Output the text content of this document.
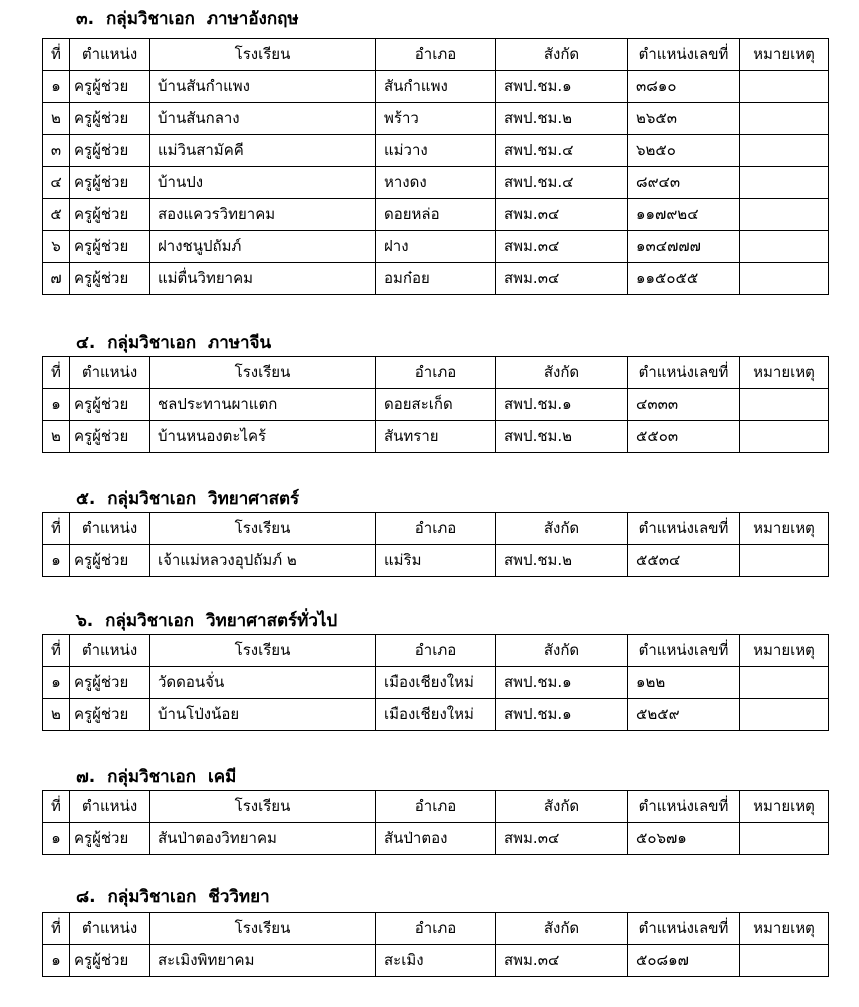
๓. กลุ่มวิชาเอก ภาษาอังกฤษ
ที่	ตำแหน่ง	โรงเรียน	อำเภอ	สังกัด	ตำแหน่งเลขที่	หมายเหตุ
๑	ครูผู้ช่วย	บ้านสันกำแพง	สันกำแพง	สพป.ชม.๑	๓๘๑๐	
๒	ครูผู้ช่วย	บ้านสันกลาง	พร้าว	สพป.ชม.๒	๒๖๕๓	
๓	ครูผู้ช่วย	แม่วินสามัคคี	แม่วาง	สพป.ชม.๔	๖๒๕๐	
๔	ครูผู้ช่วย	บ้านปง	หางดง	สพป.ชม.๔	๘๙๔๓	
๕	ครูผู้ช่วย	สองแควรวิทยาคม	ดอยหล่อ	สพม.๓๔	๑๑๗๙๒๔	
๖	ครูผู้ช่วย	ฝางชนูปถัมภ์	ฝาง	สพม.๓๔	๑๓๔๗๗๗	
๗	ครูผู้ช่วย	แม่ตื่นวิทยาคม	อมก๋อย	สพม.๓๔	๑๑๕๐๕๕	
๔. กลุ่มวิชาเอก ภาษาจีน
ที่	ตำแหน่ง	โรงเรียน	อำเภอ	สังกัด	ตำแหน่งเลขที่	หมายเหตุ
๑	ครูผู้ช่วย	ชลประทานผาแตก	ดอยสะเก็ด	สพป.ชม.๑	๔๓๓๓	
๒	ครูผู้ช่วย	บ้านหนองตะไคร้	สันทราย	สพป.ชม.๒	๕๕๐๓	
๕. กลุ่มวิชาเอก วิทยาศาสตร์
ที่	ตำแหน่ง	โรงเรียน	อำเภอ	สังกัด	ตำแหน่งเลขที่	หมายเหตุ
๑	ครูผู้ช่วย	เจ้าแม่หลวงอุปถัมภ์ ๒	แม่ริม	สพป.ชม.๒	๕๕๓๔	
๖. กลุ่มวิชาเอก วิทยาศาสตร์ทั่วไป
ที่	ตำแหน่ง	โรงเรียน	อำเภอ	สังกัด	ตำแหน่งเลขที่	หมายเหตุ
๑	ครูผู้ช่วย	วัดดอนจั่น	เมืองเชียงใหม่	สพป.ชม.๑	๑๒๒	
๒	ครูผู้ช่วย	บ้านโป่งน้อย	เมืองเชียงใหม่	สพป.ชม.๑	๕๒๕๙	
๗. กลุ่มวิชาเอก เคมี
ที่	ตำแหน่ง	โรงเรียน	อำเภอ	สังกัด	ตำแหน่งเลขที่	หมายเหตุ
๑	ครูผู้ช่วย	สันป่าตองวิทยาคม	สันป่าตอง	สพม.๓๔	๕๐๖๗๑	
๘. กลุ่มวิชาเอก ชีววิทยา
ที่	ตำแหน่ง	โรงเรียน	อำเภอ	สังกัด	ตำแหน่งเลขที่	หมายเหตุ
๑	ครูผู้ช่วย	สะเมิงพิทยาคม	สะเมิง	สพม.๓๔	๕๐๘๑๗	
